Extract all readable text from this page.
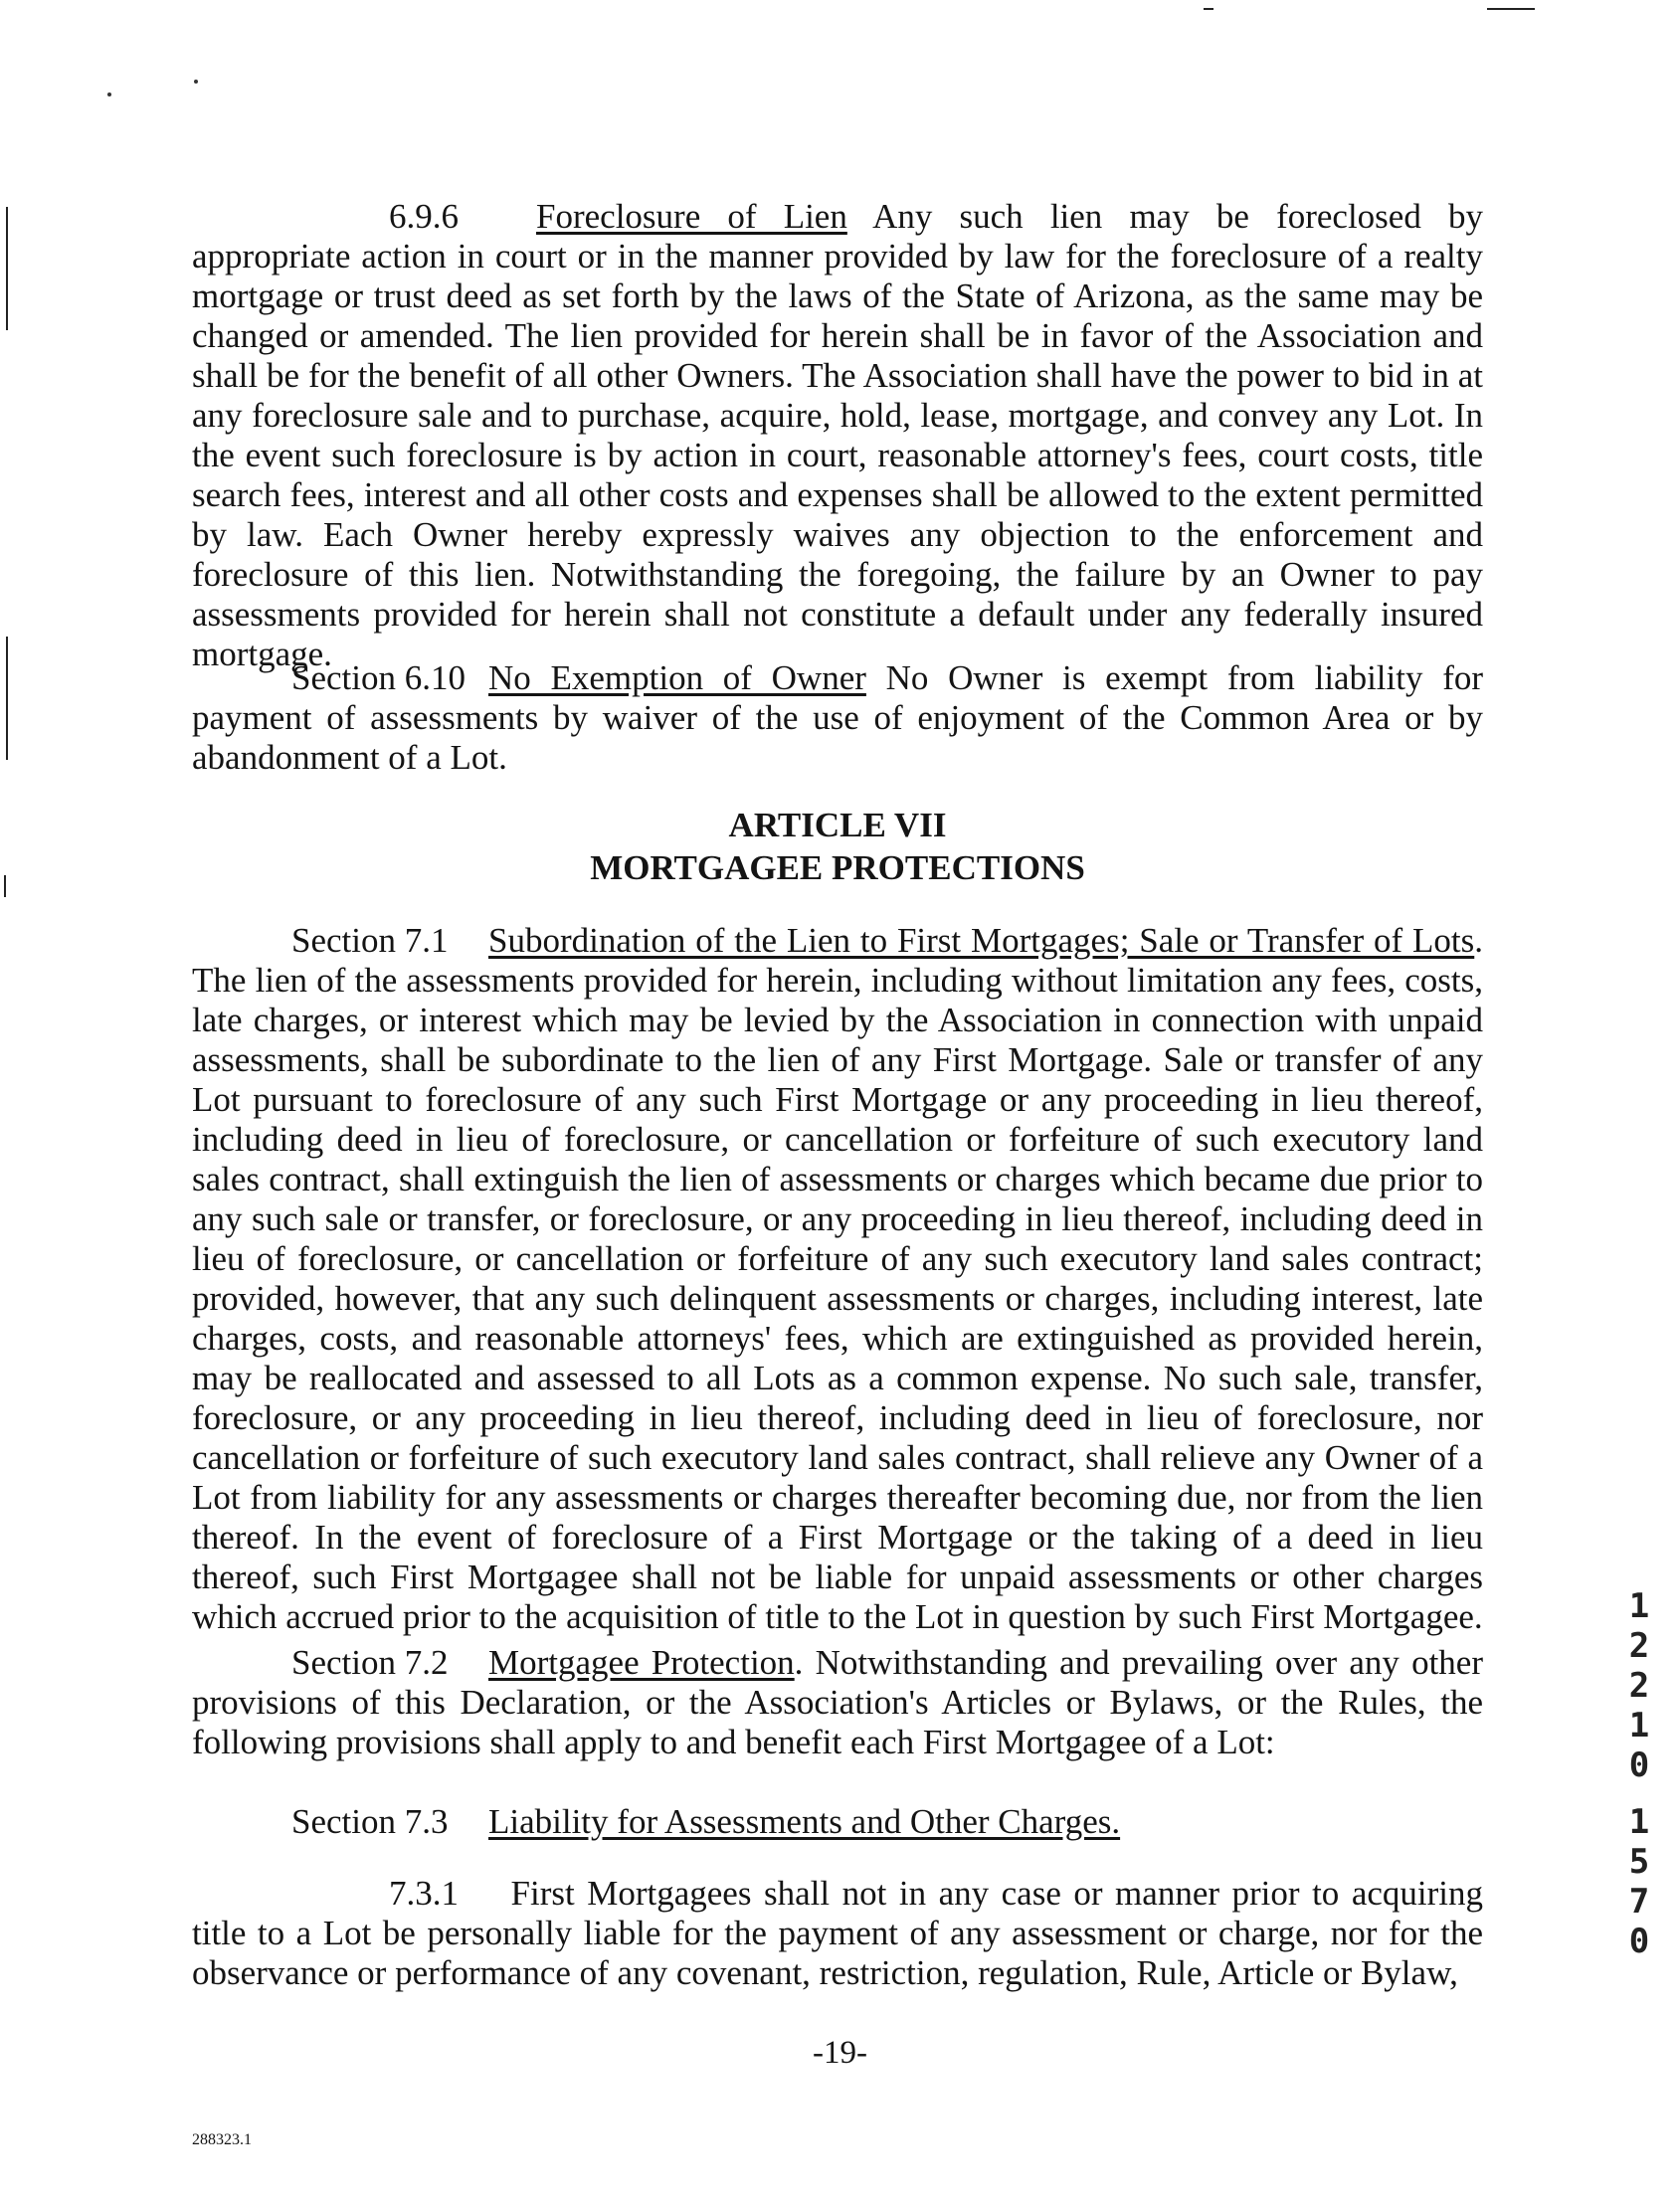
6.9.6 Foreclosure of Lien Any such lien may be foreclosed by appropriate action in court or in the manner provided by law for the foreclosure of a realty mortgage or trust deed as set forth by the laws of the State of Arizona, as the same may be changed or amended. The lien provided for herein shall be in favor of the Association and shall be for the benefit of all other Owners. The Association shall have the power to bid in at any foreclosure sale and to purchase, acquire, hold, lease, mortgage, and convey any Lot. In the event such foreclosure is by action in court, reasonable attorney's fees, court costs, title search fees, interest and all other costs and expenses shall be allowed to the extent permitted by law. Each Owner hereby expressly waives any objection to the enforcement and foreclosure of this lien. Notwithstanding the foregoing, the failure by an Owner to pay assessments provided for herein shall not constitute a default under any federally insured mortgage.

Section 6.10 No Exemption of Owner No Owner is exempt from liability for payment of assessments by waiver of the use of enjoyment of the Common Area or by abandonment of a Lot.

ARTICLE VII
MORTGAGEE PROTECTIONS

Section 7.1 Subordination of the Lien to First Mortgages; Sale or Transfer of Lots. The lien of the assessments provided for herein, including without limitation any fees, costs, late charges, or interest which may be levied by the Association in connection with unpaid assessments, shall be subordinate to the lien of any First Mortgage. Sale or transfer of any Lot pursuant to foreclosure of any such First Mortgage or any proceeding in lieu thereof, including deed in lieu of foreclosure, or cancellation or forfeiture of such executory land sales contract, shall extinguish the lien of assessments or charges which became due prior to any such sale or transfer, or foreclosure, or any proceeding in lieu thereof, including deed in lieu of foreclosure, or cancellation or forfeiture of any such executory land sales contract; provided, however, that any such delinquent assessments or charges, including interest, late charges, costs, and reasonable attorneys' fees, which are extinguished as provided herein, may be reallocated and assessed to all Lots as a common expense. No such sale, transfer, foreclosure, or any proceeding in lieu thereof, including deed in lieu of foreclosure, nor cancellation or forfeiture of such executory land sales contract, shall relieve any Owner of a Lot from liability for any assessments or charges thereafter becoming due, nor from the lien thereof. In the event of foreclosure of a First Mortgage or the taking of a deed in lieu thereof, such First Mortgagee shall not be liable for unpaid assessments or other charges which accrued prior to the acquisition of title to the Lot in question by such First Mortgagee.

Section 7.2 Mortgagee Protection. Notwithstanding and prevailing over any other provisions of this Declaration, or the Association's Articles or Bylaws, or the Rules, the following provisions shall apply to and benefit each First Mortgagee of a Lot:

Section 7.3 Liability for Assessments and Other Charges.

7.3.1 First Mortgagees shall not in any case or manner prior to acquiring title to a Lot be personally liable for the payment of any assessment or charge, nor for the observance or performance of any covenant, restriction, regulation, Rule, Article or Bylaw,

1 2 2 1 0
1 5 7 0
-19-
288323.1
